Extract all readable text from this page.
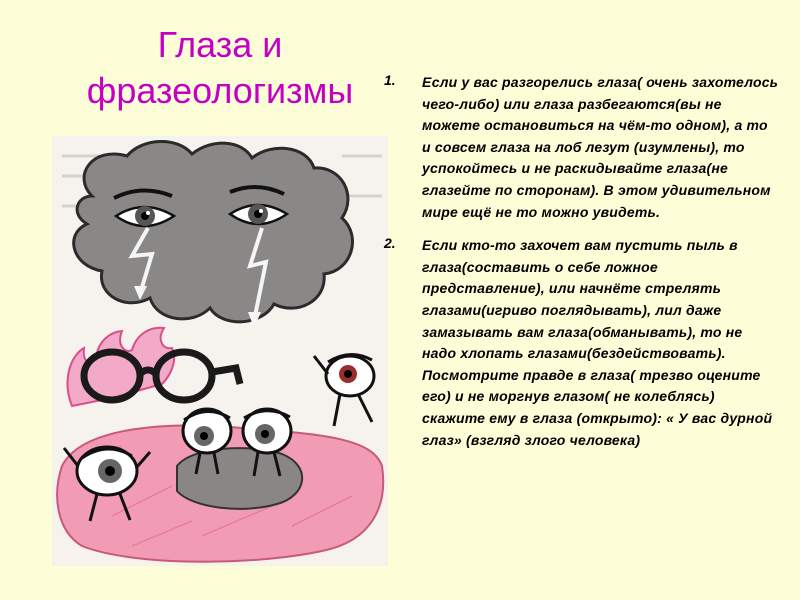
Глаза и
фразеологизмы	1. Если у вас разгорелись глаза( очень захотелось чего-либо) или глаза разбегаются(вы не можете остановиться на чём-то одном), а то и совсем глаза на лоб лезут (изумлены), то успокойтесь и не раскидывайте глаза(не глазейте по сторонам). В этом удивительном мире ещё не то можно увидеть.
2. Если кто-то захочет вам пустить пыль в глаза(составить о себе ложное представление), или начнёте стрелять глазами(игриво поглядывать), лил даже замазывать вам глаза(обманывать), то не надо хлопать глазами(бездействовать). Посмотрите правде в глаза( трезво оцените его) и не моргнув глазом( не колеблясь) скажите ему в глаза (открыто): « У вас дурной глаз» (взгляд злого человека)
